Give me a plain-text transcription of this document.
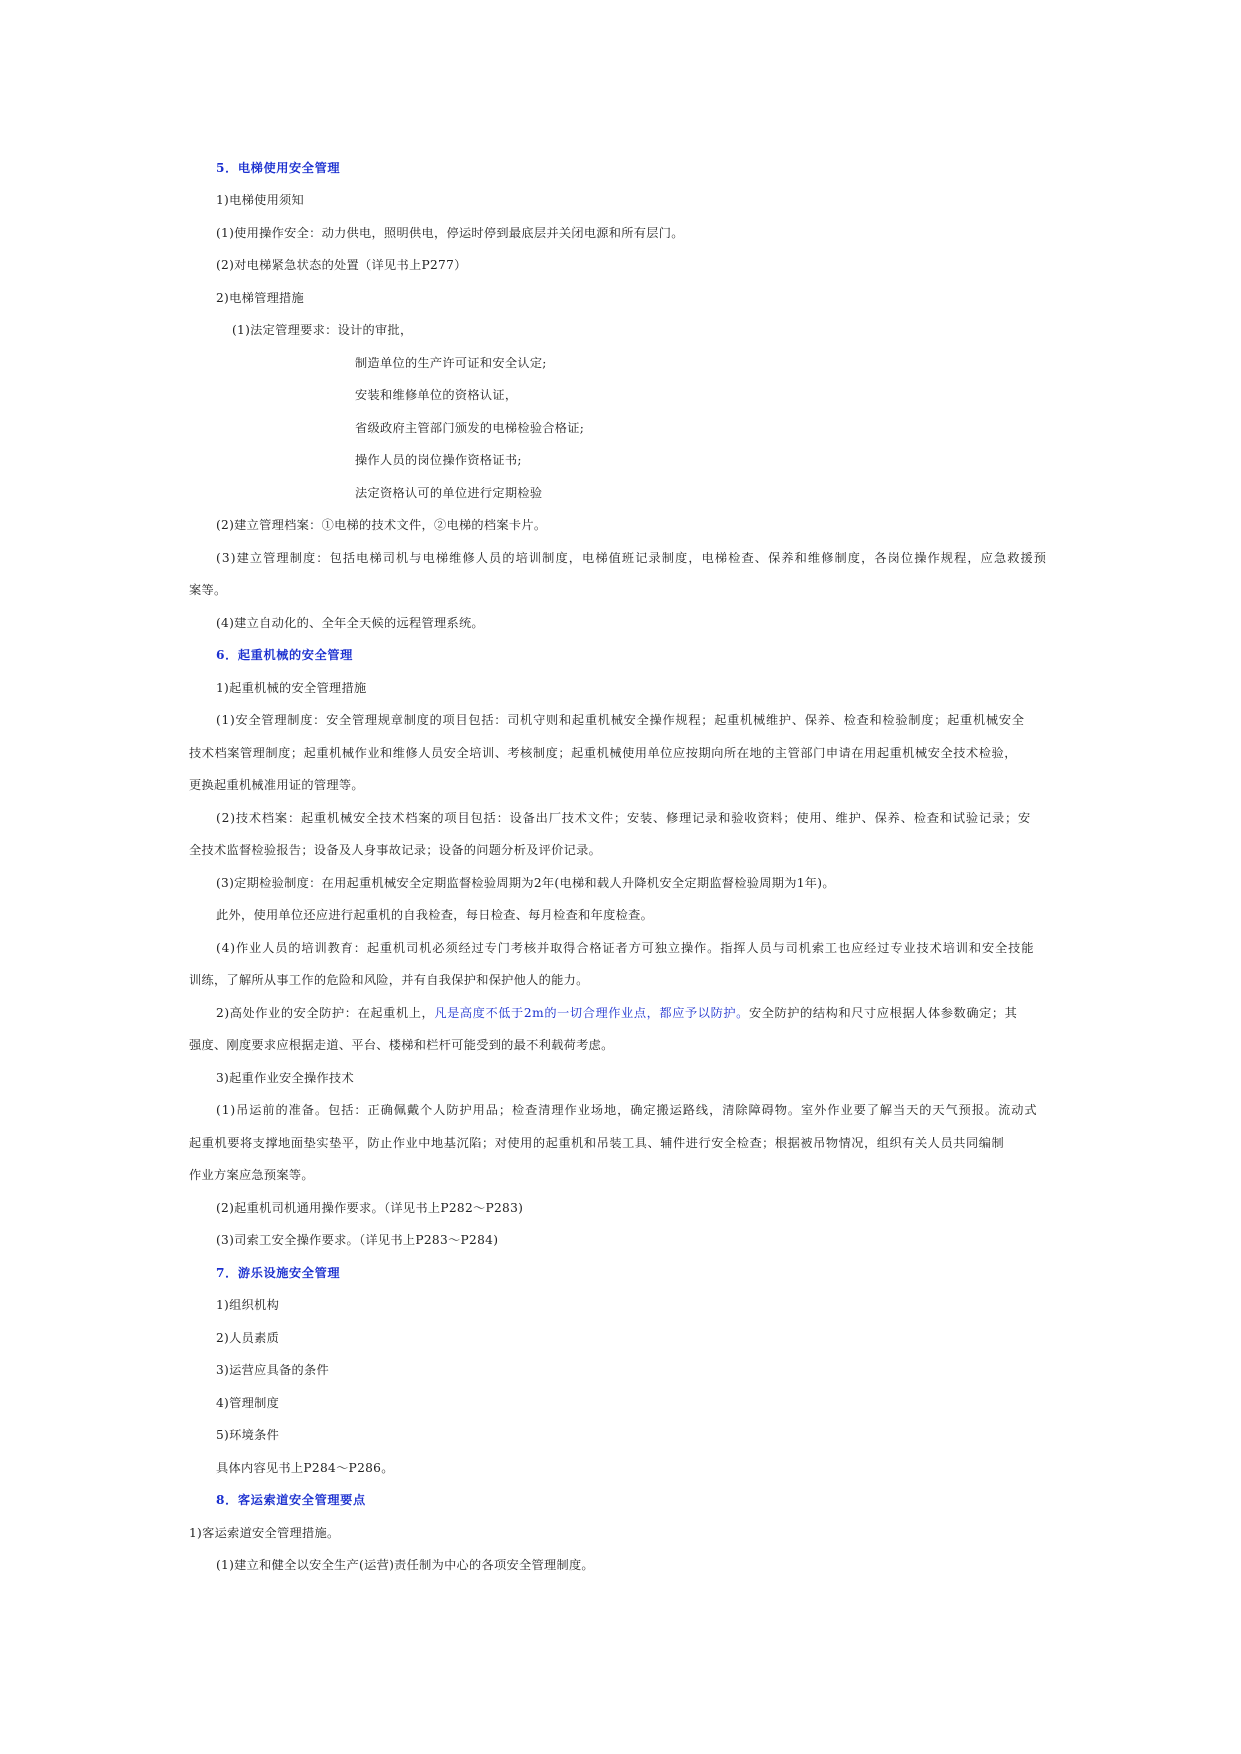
5．电梯使用安全管理
1)电梯使用须知
(1)使用操作安全：动力供电，照明供电，停运时停到最底层并关闭电源和所有层门。
(2)对电梯紧急状态的处置（详见书上P277）
2)电梯管理措施
(1)法定管理要求：设计的审批，
制造单位的生产许可证和安全认定;
安装和维修单位的资格认证，
省级政府主管部门颁发的电梯检验合格证;
操作人员的岗位操作资格证书;
法定资格认可的单位进行定期检验
(2)建立管理档案：①电梯的技术文件，②电梯的档案卡片。
(3)建立管理制度：包括电梯司机与电梯维修人员的培训制度，电梯值班记录制度，电梯检查、保养和维修制度，各岗位操作规程，应急救援预
案等。
(4)建立自动化的、全年全天候的远程管理系统。
6．起重机械的安全管理
1)起重机械的安全管理措施
(1)安全管理制度：安全管理规章制度的项目包括：司机守则和起重机械安全操作规程；起重机械维护、保养、检查和检验制度；起重机械安全
技术档案管理制度；起重机械作业和维修人员安全培训、考核制度；起重机械使用单位应按期向所在地的主管部门申请在用起重机械安全技术检验，
更换起重机械准用证的管理等。
(2)技术档案：起重机械安全技术档案的项目包括：设备出厂技术文件；安装、修理记录和验收资料；使用、维护、保养、检查和试验记录；安
全技术监督检验报告；设备及人身事故记录；设备的问题分析及评价记录。
(3)定期检验制度：在用起重机械安全定期监督检验周期为2年(电梯和载人升降机安全定期监督检验周期为1年)。
此外，使用单位还应进行起重机的自我检查，每日检查、每月检查和年度检查。
(4)作业人员的培训教育：起重机司机必须经过专门考核并取得合格证者方可独立操作。指挥人员与司机索工也应经过专业技术培训和安全技能
训练，了解所从事工作的危险和风险，并有自我保护和保护他人的能力。
2)高处作业的安全防护：在起重机上，凡是高度不低于2m的一切合理作业点，都应予以防护。安全防护的结构和尺寸应根据人体参数确定；其
强度、刚度要求应根据走道、平台、楼梯和栏杆可能受到的最不利载荷考虑。
3)起重作业安全操作技术
(1)吊运前的准备。包括：正确佩戴个人防护用品；检查清理作业场地，确定搬运路线，清除障碍物。室外作业要了解当天的天气预报。流动式
起重机要将支撑地面垫实垫平，防止作业中地基沉陷；对使用的起重机和吊装工具、辅件进行安全检查；根据被吊物情况，组织有关人员共同编制
作业方案应急预案等。
(2)起重机司机通用操作要求。（详见书上P282～P283)
(3)司索工安全操作要求。（详见书上P283～P284)
7．游乐设施安全管理
1)组织机构
2)人员素质
3)运营应具备的条件
4)管理制度
5)环境条件
具体内容见书上P284～P286。
8．客运索道安全管理要点
1)客运索道安全管理措施。
(1)建立和健全以安全生产(运营)责任制为中心的各项安全管理制度。
